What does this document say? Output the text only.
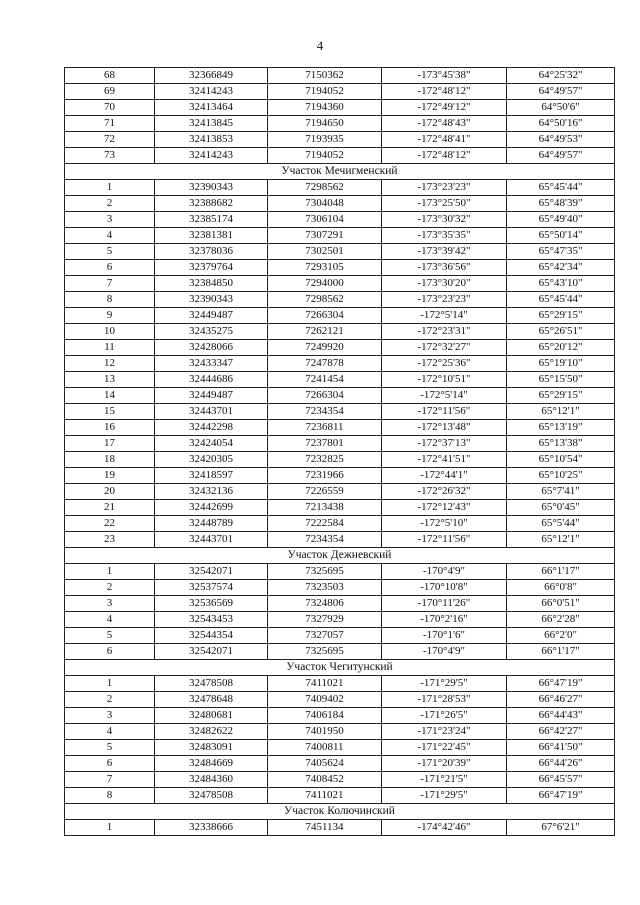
4
68	32366849	7150362	-173°45'38"	64°25'32"
69	32414243	7194052	-172°48'12"	64°49'57"
70	32413464	7194360	-172°49'12"	64°50'6"
71	32413845	7194650	-172°48'43"	64°50'16"
72	32413853	7193935	-172°48'41"	64°49'53"
73	32414243	7194052	-172°48'12"	64°49'57"
Участок Мечигменский				
1	32390343	7298562	-173°23'23"	65°45'44"
2	32388682	7304048	-173°25'50"	65°48'39"
3	32385174	7306104	-173°30'32"	65°49'40"
4	32381381	7307291	-173°35'35"	65°50'14"
5	32378036	7302501	-173°39'42"	65°47'35"
6	32379764	7293105	-173°36'56"	65°42'34"
7	32384850	7294000	-173°30'20"	65°43'10"
8	32390343	7298562	-173°23'23"	65°45'44"
9	32449487	7266304	-172°5'14"	65°29'15"
10	32435275	7262121	-172°23'31"	65°26'51"
11	32428066	7249920	-172°32'27"	65°20'12"
12	32433347	7247878	-172°25'36"	65°19'10"
13	32444686	7241454	-172°10'51"	65°15'50"
14	32449487	7266304	-172°5'14"	65°29'15"
15	32443701	7234354	-172°11'56"	65°12'1"
16	32442298	7236811	-172°13'48"	65°13'19"
17	32424054	7237801	-172°37'13"	65°13'38"
18	32420305	7232825	-172°41'51"	65°10'54"
19	32418597	7231966	-172°44'1"	65°10'25"
20	32432136	7226559	-172°26'32"	65°7'41"
21	32442699	7213438	-172°12'43"	65°0'45"
22	32448789	7222584	-172°5'10"	65°5'44"
23	32443701	7234354	-172°11'56"	65°12'1"
Участок Дежневский				
1	32542071	7325695	-170°4'9"	66°1'17"
2	32537574	7323503	-170°10'8"	66°0'8"
3	32536569	7324806	-170°11'26"	66°0'51"
4	32543453	7327929	-170°2'16"	66°2'28"
5	32544354	7327057	-170°1'6"	66°2'0"
6	32542071	7325695	-170°4'9"	66°1'17"
Участок Чегитунский				
1	32478508	7411021	-171°29'5"	66°47'19"
2	32478648	7409402	-171°28'53"	66°46'27"
3	32480681	7406184	-171°26'5"	66°44'43"
4	32482622	7401950	-171°23'24"	66°42'27"
5	32483091	7400811	-171°22'45"	66°41'50"
6	32484669	7405624	-171°20'39"	66°44'26"
7	32484360	7408452	-171°21'5"	66°45'57"
8	32478508	7411021	-171°29'5"	66°47'19"
Участок Колючинский				
1	32338666	7451134	-174°42'46"	67°6'21"
